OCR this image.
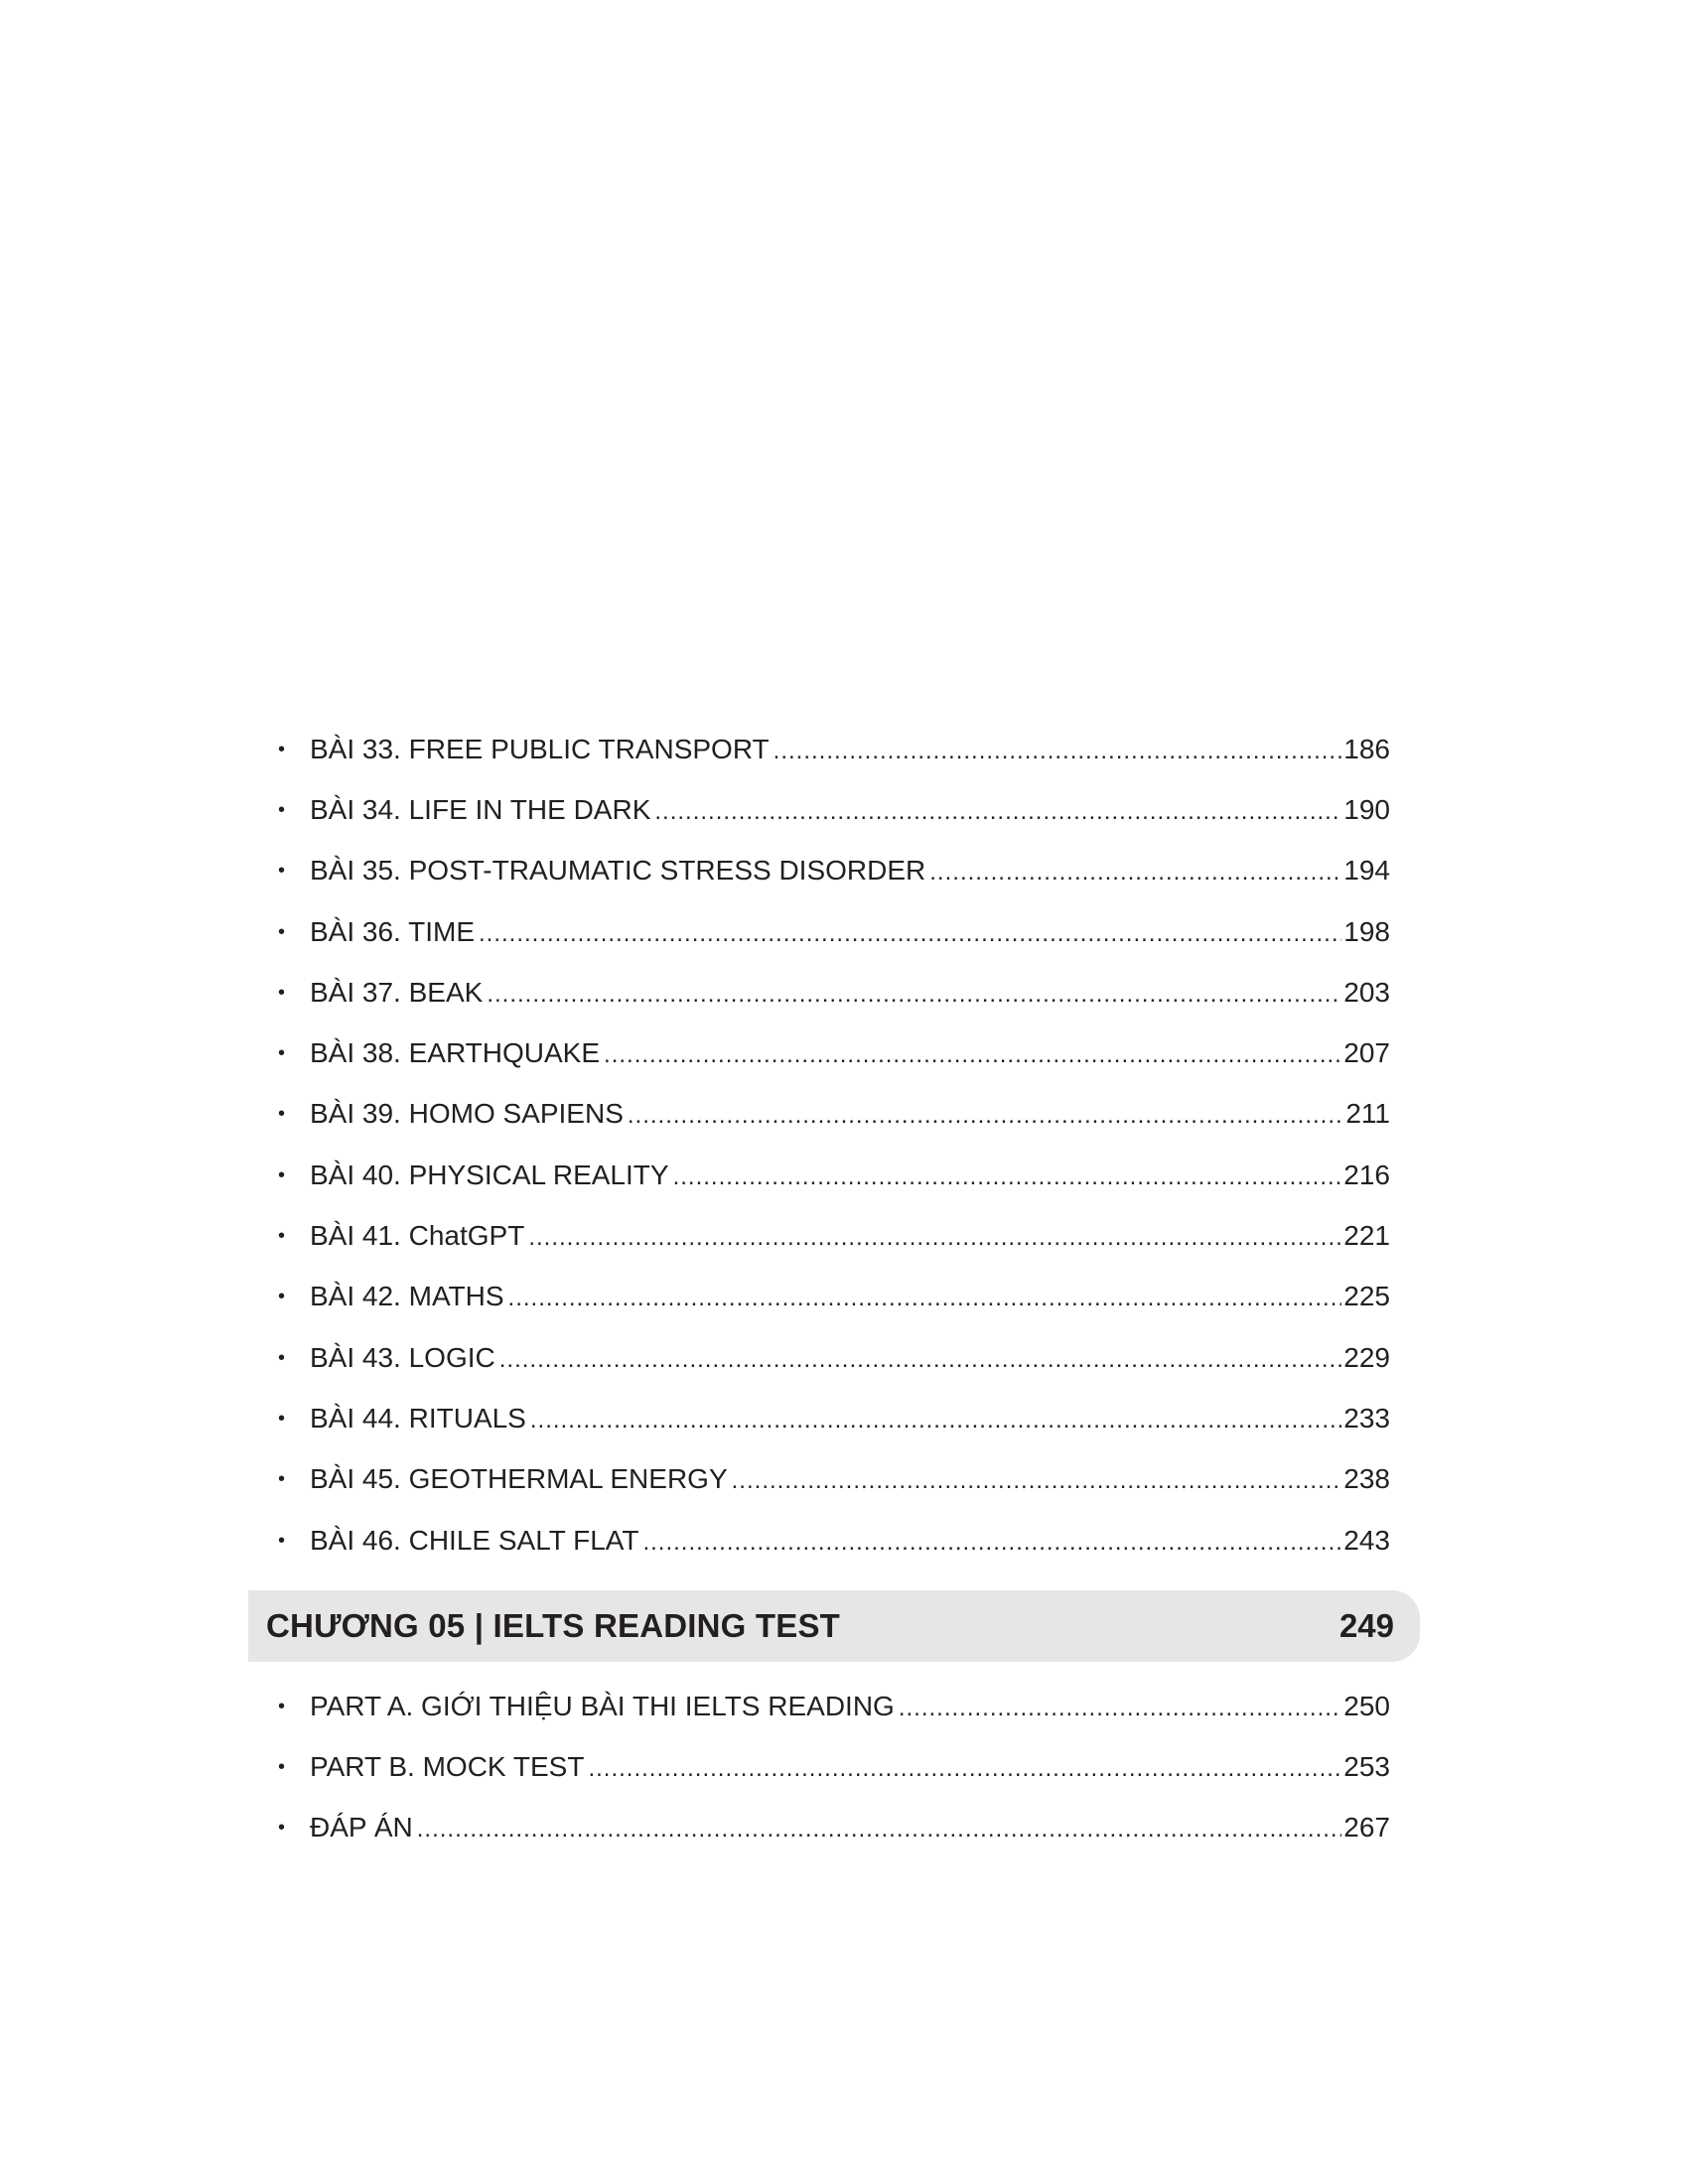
• BÀI 33. FREE PUBLIC TRANSPORT .....	186
• BÀI 34. LIFE IN THE DARK .....	190
• BÀI 35. POST-TRAUMATIC STRESS DISORDER .....	194
• BÀI 36. TIME .....	198
• BÀI 37. BEAK .....	203
• BÀI 38. EARTHQUAKE .....	207
• BÀI 39. HOMO SAPIENS .....	211
• BÀI 40. PHYSICAL REALITY .....	216
• BÀI 41. ChatGPT .....	221
• BÀI 42. MATHS .....	225
• BÀI 43. LOGIC .....	229
• BÀI 44. RITUALS .....	233
• BÀI 45. GEOTHERMAL ENERGY .....	238
• BÀI 46. CHILE SALT FLAT .....	243
CHƯƠNG 05 | IELTS READING TEST	249
• PART A. GIỚI THIỆU BÀI THI IELTS READING .....	250
• PART B. MOCK TEST .....	253
• ĐÁP ÁN .....	267
